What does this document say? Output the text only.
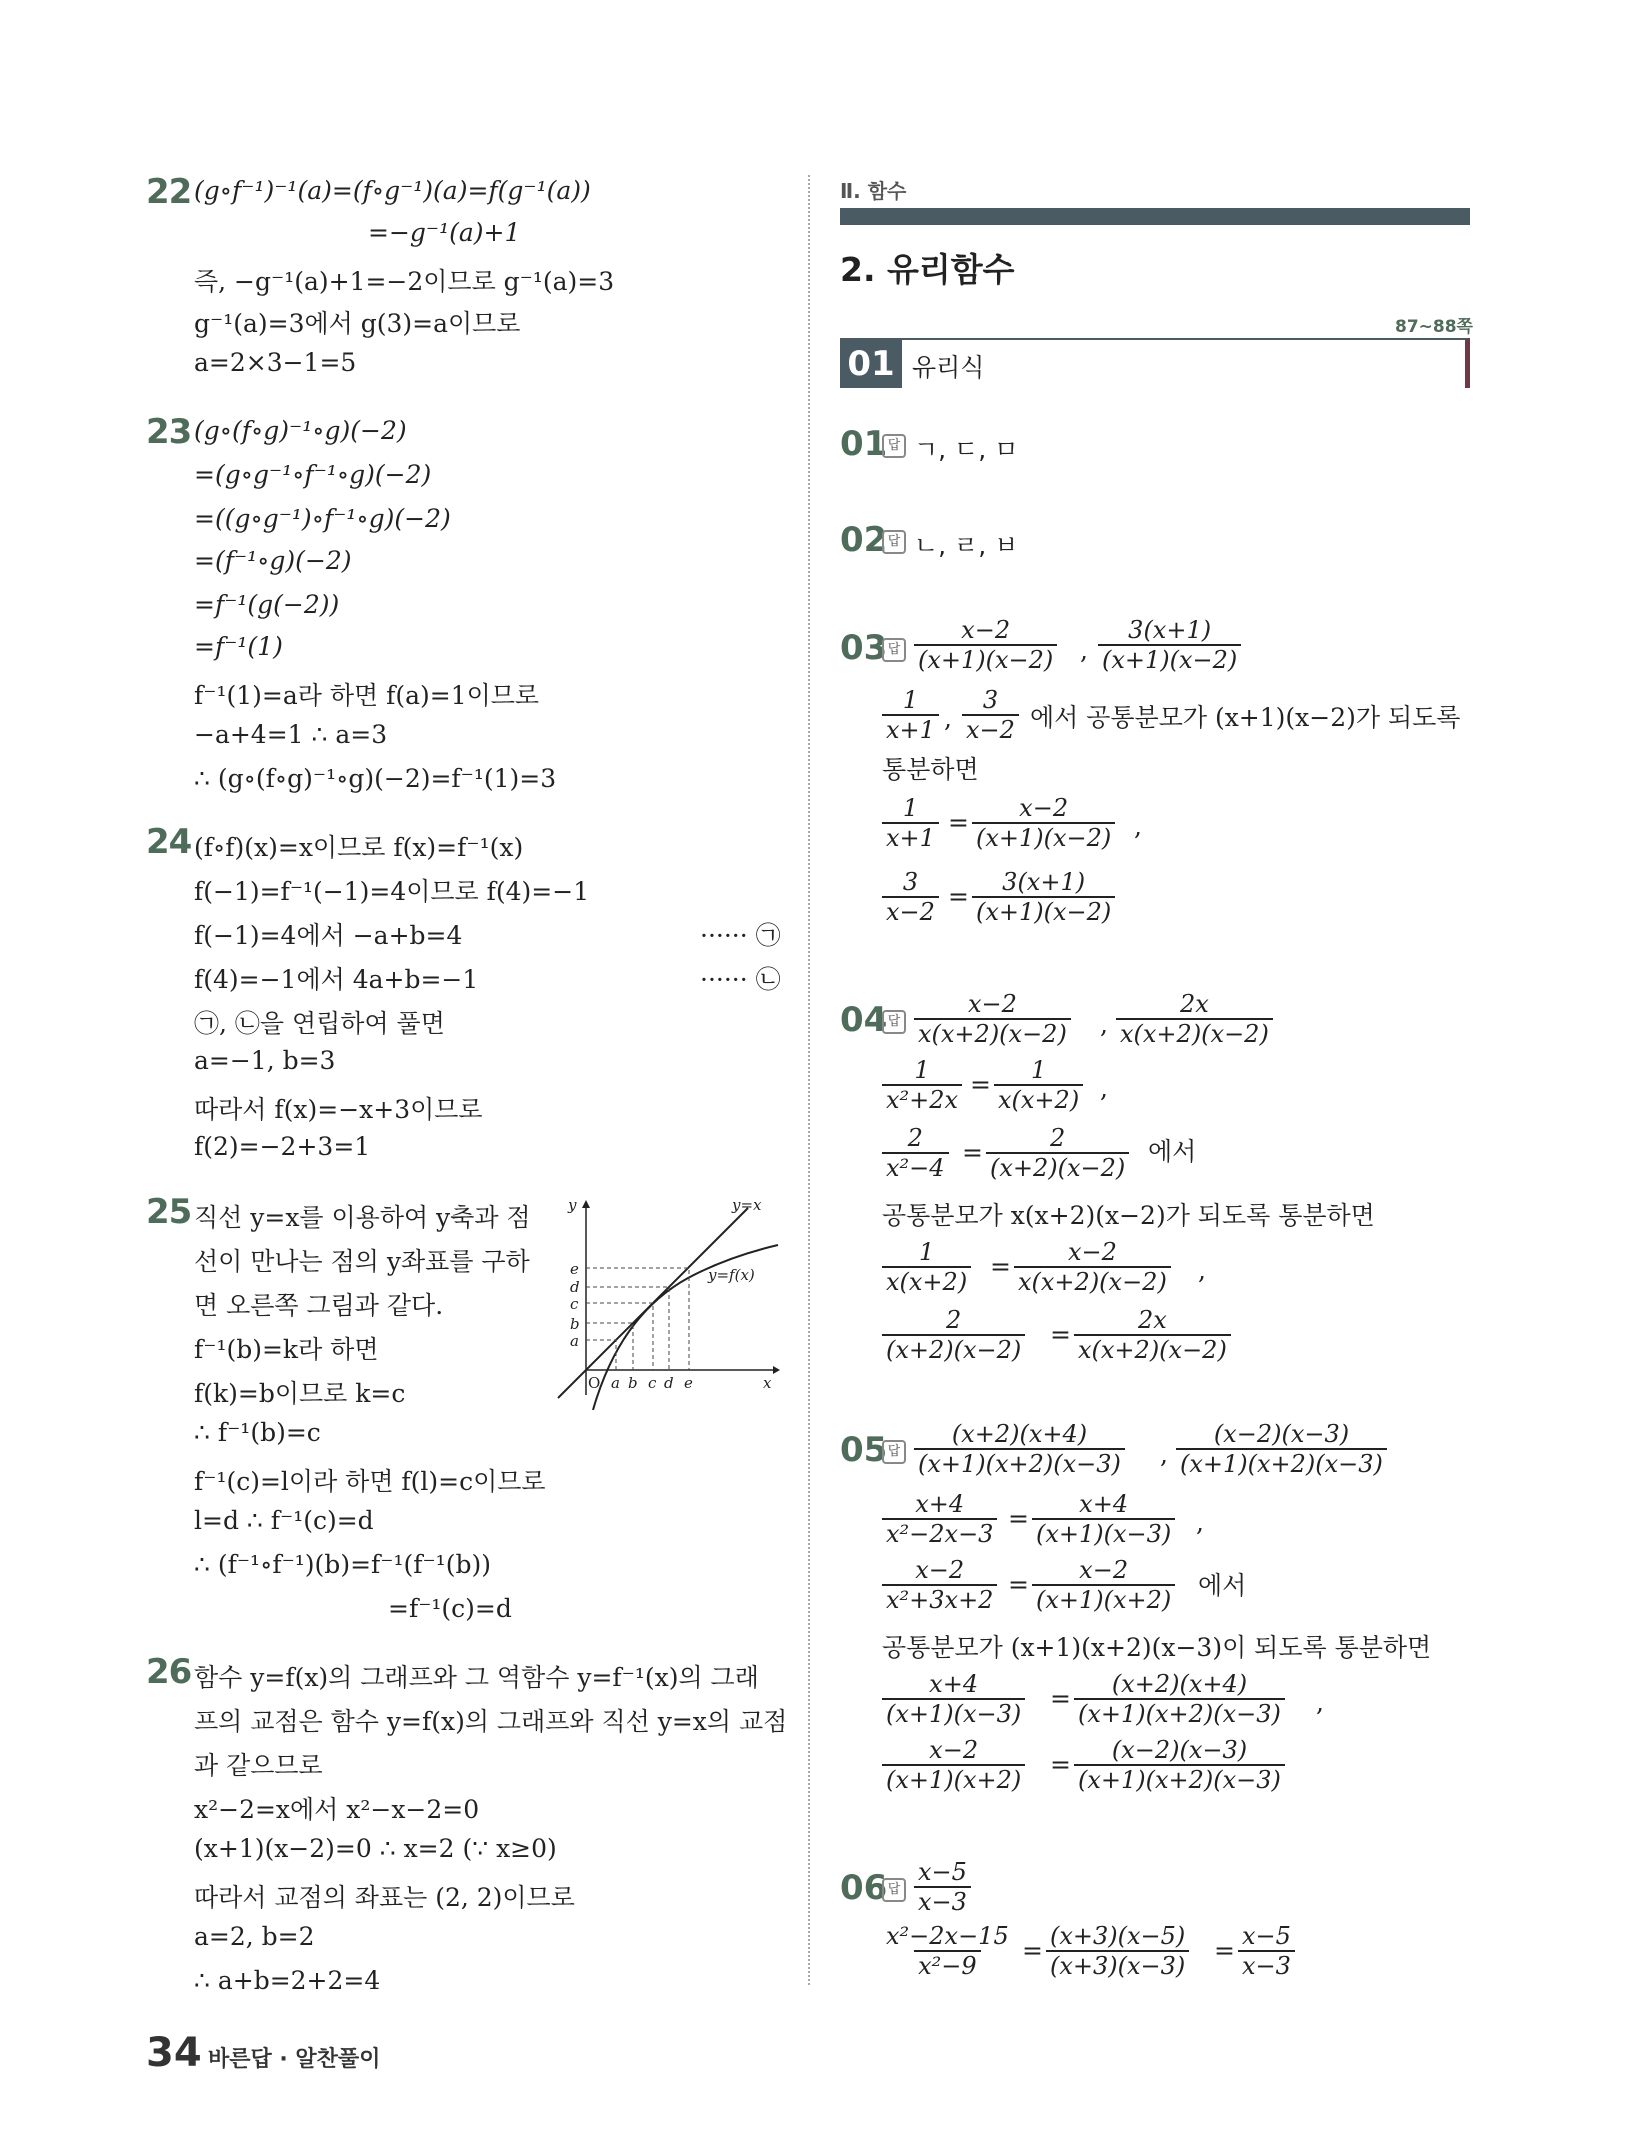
22 (g∘f⁻¹)⁻¹(a)=(f∘g⁻¹)(a)=f(g⁻¹(a))
=−g⁻¹(a)+1
즉, −g⁻¹(a)+1=−2이므로 g⁻¹(a)=3
g⁻¹(a)=3에서 g(3)=a이므로
a=2×3−1=5
23 (g∘(f∘g)⁻¹∘g)(−2)
=(g∘g⁻¹∘f⁻¹∘g)(−2)
=((g∘g⁻¹)∘f⁻¹∘g)(−2)
=(f⁻¹∘g)(−2)
=f⁻¹(g(−2))
=f⁻¹(1)
f⁻¹(1)=a라 하면 f(a)=1이므로
−a+4=1 ∴ a=3
∴ (g∘(f∘g)⁻¹∘g)(−2)=f⁻¹(1)=3
24 (f∘f)(x)=x이므로 f(x)=f⁻¹(x)
f(−1)=f⁻¹(−1)=4이므로 f(4)=−1
f(−1)=4에서 −a+b=4	······ ㉠
f(4)=−1에서 4a+b=−1	······ ㉡
㉠, ㉡을 연립하여 풀면
a=−1, b=3
따라서 f(x)=−x+3이므로
f(2)=−2+3=1
25 직선 y=x를 이용하여 y축과 점
선이 만나는 점의 y좌표를 구하
면 오른쪽 그림과 같다.
f⁻¹(b)=k라 하면
f(k)=b이므로 k=c
∴ f⁻¹(b)=c
f⁻¹(c)=l이라 하면 f(l)=c이므로
l=d ∴ f⁻¹(c)=d
∴ (f⁻¹∘f⁻¹)(b)=f⁻¹(f⁻¹(b))
=f⁻¹(c)=d
y
x
O
y=x
y=f(x)
a
b
c
d
e
a b c d e
26 함수 y=f(x)의 그래프와 그 역함수 y=f⁻¹(x)의 그래
프의 교점은 함수 y=f(x)의 그래프와 직선 y=x의 교점
과 같으므로
x²−2=x에서 x²−x−2=0
(x+1)(x−2)=0 ∴ x=2 (∵ x≥0)
따라서 교점의 좌표는 (2, 2)이므로
a=2, b=2
∴ a+b=2+2=4
Ⅱ. 함수
2. 유리함수
87~88쪽
01 유리식
01 답 ㄱ, ㄷ, ㅁ
02 답 ㄴ, ㄹ, ㅂ
03 답 $\frac{x-2}{(x+1)(x-2)}$ , $\frac{3(x+1)}{(x+1)(x-2)}$
$\frac{1}{x+1}$ , $\frac{3}{x-2}$ 에서 공통분모가 (x+1)(x−2)가 되도록
통분하면
$\frac{1}{x+1} = \frac{x-2}{(x+1)(x-2)}$ ,
$\frac{3}{x-2} = \frac{3(x+1)}{(x+1)(x-2)}$
04 답 $\frac{x-2}{x(x+2)(x-2)}$ , $\frac{2x}{x(x+2)(x-2)}$
$\frac{1}{\text{x²+2x}} = \frac{1}{x(x+2)}$ ,
$\frac{2}{\text{x²−4}} = \frac{2}{(x+2)(x-2)}$ 에서
공통분모가 x(x+2)(x−2)가 되도록 통분하면
$\frac{1}{x(x+2)} = \frac{x-2}{x(x+2)(x-2)}$ ,
$\frac{2}{(x+2)(x-2)} = \frac{2x}{x(x+2)(x-2)}$
05 답 $\frac{(x+2)(x+4)}{(x+1)(x+2)(x-3)}$ , $\frac{(x-2)(x-3)}{(x+1)(x+2)(x-3)}$
$\frac{x+4}{\text{x²−2x−3}} = \frac{x+4}{(x+1)(x-3)}$ ,
$\frac{x-2}{\text{x²+3x+2}} = \frac{x-2}{(x+1)(x+2)}$ 에서
공통분모가 (x+1)(x+2)(x−3)이 되도록 통분하면
$\frac{x+4}{(x+1)(x-3)} = \frac{(x+2)(x+4)}{(x+1)(x+2)(x-3)}$ ,
$\frac{x-2}{(x+1)(x+2)} = \frac{(x-2)(x-3)}{(x+1)(x+2)(x-3)}$
06 답 $\frac{x-5}{x-3}$
$\frac{\text{x²−2x−15}}{\text{x²−9}} = \frac{(x+3)(x-5)}{(x+3)(x-3)} = \frac{x-5}{x-3}$
34 바른답 · 알찬풀이
